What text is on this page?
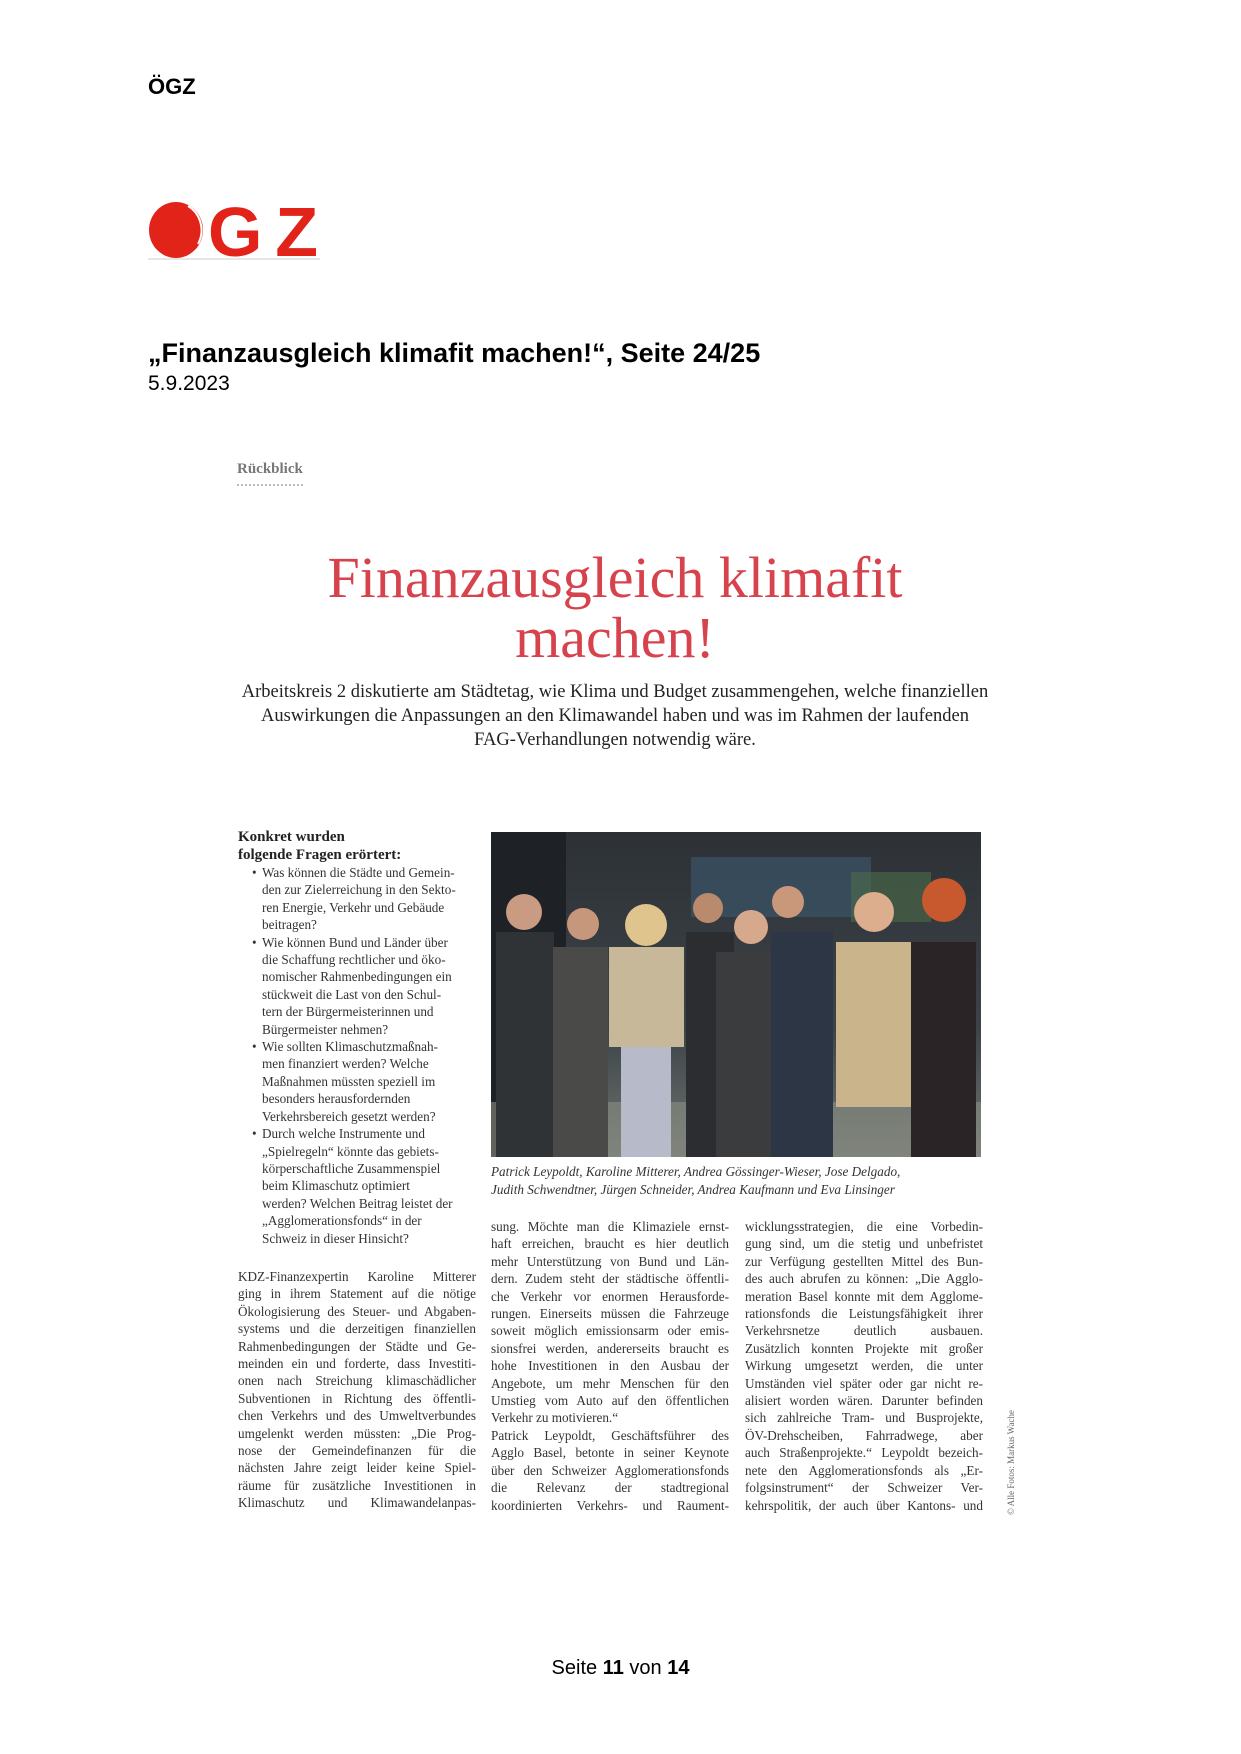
ÖGZ
GZ
„Finanzausgleich klimafit machen!“, Seite 24/25
5.9.2023
Rückblick
Finanzausgleich klimafit
machen!
Arbeitskreis 2 diskutierte am Städtetag, wie Klima und Budget zusammengehen, welche finanziellen Auswirkungen die Anpassungen an den Klimawandel haben und was im Rahmen der laufenden FAG-Verhandlungen notwendig wäre.
Konkret wurden
folgende Fragen erörtert:
• Was können die Städte und Gemein-
den zur Zielerreichung in den Sekto-
ren Energie, Verkehr und Gebäude
beitragen?
• Wie können Bund und Länder über
die Schaffung rechtlicher und öko-
nomischer Rahmenbedingungen ein
stückweit die Last von den Schul-
tern der Bürgermeisterinnen und
Bürgermeister nehmen?
• Wie sollten Klimaschutzmaßnah-
men finanziert werden? Welche
Maßnahmen müssten speziell im
besonders herausfordernden
Verkehrsbereich gesetzt werden?
• Durch welche Instrumente und
„Spielregeln“ könnte das gebiets-
körperschaftliche Zusammenspiel
beim Klimaschutz optimiert
werden? Welchen Beitrag leistet der
„Agglomerationsfonds“ in der
Schweiz in dieser Hinsicht?
Patrick Leypoldt, Karoline Mitterer, Andrea Gössinger-Wieser, Jose Delgado,
Judith Schwendtner, Jürgen Schneider, Andrea Kaufmann und Eva Linsinger
KDZ-Finanzexpertin Karoline Mitterer
ging in ihrem Statement auf die nötige
Ökologisierung des Steuer- und Abgaben-
systems und die derzeitigen finanziellen
Rahmenbedingungen der Städte und Ge-
meinden ein und forderte, dass Investiti-
onen nach Streichung klimaschädlicher
Subventionen in Richtung des öffentli-
chen Verkehrs und des Umweltverbundes
umgelenkt werden müssten: „Die Prog-
nose der Gemeindefinanzen für die
nächsten Jahre zeigt leider keine Spiel-
räume für zusätzliche Investitionen in
Klimaschutz und Klimawandelanpas-
sung. Möchte man die Klimaziele ernst-
haft erreichen, braucht es hier deutlich
mehr Unterstützung von Bund und Län-
dern. Zudem steht der städtische öffentli-
che Verkehr vor enormen Herausforde-
rungen. Einerseits müssen die Fahrzeuge
soweit möglich emissionsarm oder emis-
sionsfrei werden, andererseits braucht es
hohe Investitionen in den Ausbau der
Angebote, um mehr Menschen für den
Umstieg vom Auto auf den öffentlichen
Verkehr zu motivieren.“
Patrick Leypoldt, Geschäftsführer des
Agglo Basel, betonte in seiner Keynote
über den Schweizer Agglomerationsfonds
die Relevanz der stadtregional
koordinierten Verkehrs- und Raument-
wicklungsstrategien, die eine Vorbedin-
gung sind, um die stetig und unbefristet
zur Verfügung gestellten Mittel des Bun-
des auch abrufen zu können: „Die Agglo-
meration Basel konnte mit dem Agglome-
rationsfonds die Leistungsfähigkeit ihrer
Verkehrsnetze deutlich ausbauen.
Zusätzlich konnten Projekte mit großer
Wirkung umgesetzt werden, die unter
Umständen viel später oder gar nicht re-
alisiert worden wären. Darunter befinden
sich zahlreiche Tram- und Busprojekte,
ÖV-Drehscheiben, Fahrradwege, aber
auch Straßenprojekte.“ Leypoldt bezeich-
nete den Agglomerationsfonds als „Er-
folgsinstrument“ der Schweizer Ver-
kehrspolitik, der auch über Kantons- und	© Alle Fotos: Markus Wache
Seite 11 von 14
